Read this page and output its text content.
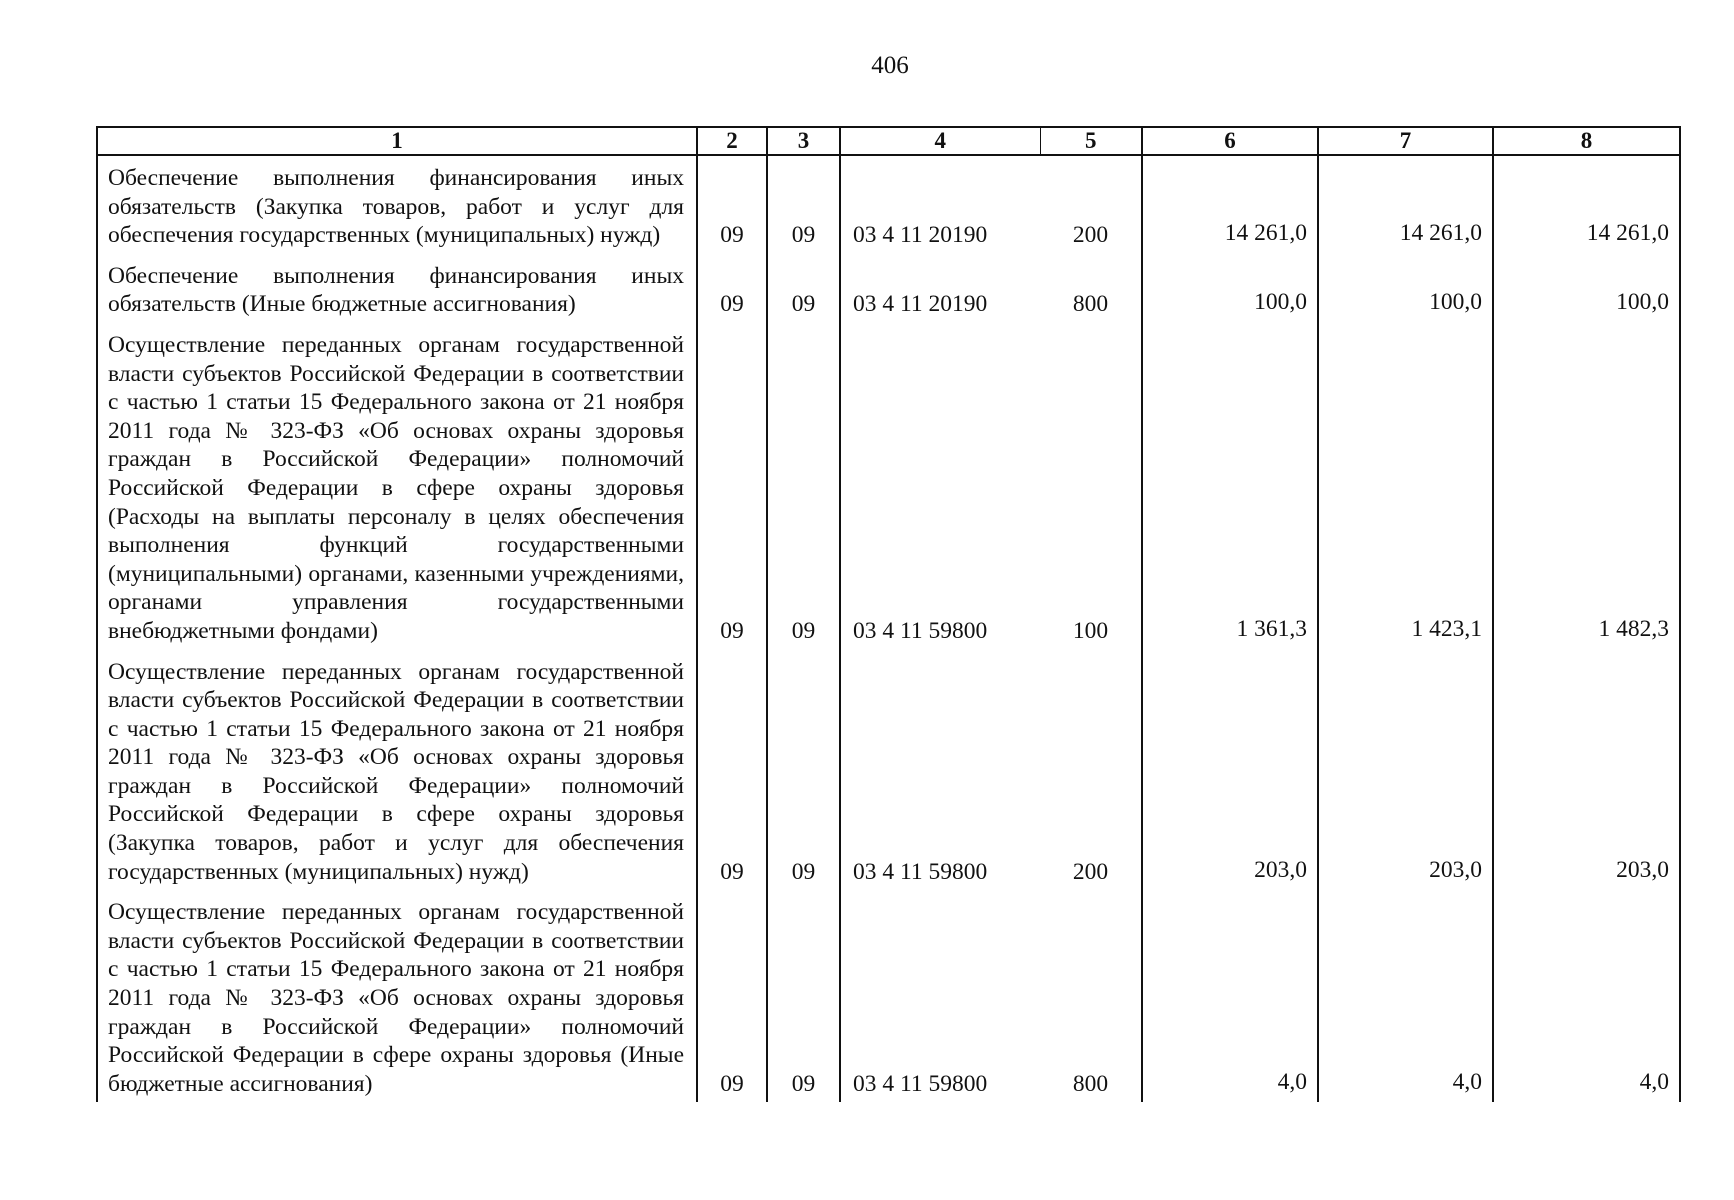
406
1	2	3	4	5	6	7	8
Обеспечение выполнения финансирования иных обязательств (Закупка товаров, работ и услуг для обеспечения государственных (муниципальных) нужд)	09	09	03 4 11 20190	200	14 261,0	14 261,0	14 261,0
Обеспечение выполнения финансирования иных обязательств (Иные бюджетные ассигнования)	09	09	03 4 11 20190	800	100,0	100,0	100,0
Осуществление переданных органам государственной власти субъектов Российской Федерации в соответствии с частью 1 статьи 15 Федерального закона от 21 ноября 2011 года № 323-ФЗ «Об основах охраны здоровья граждан в Российской Федерации» полномочий Российской Федерации в сфере охраны здоровья (Расходы на выплаты персоналу в целях обеспечения выполнения функций государственными (муниципальными) органами, казенными учреждениями, органами управления государственными внебюджетными фондами)	09	09	03 4 11 59800	100	1 361,3	1 423,1	1 482,3
Осуществление переданных органам государственной власти субъектов Российской Федерации в соответствии с частью 1 статьи 15 Федерального закона от 21 ноября 2011 года № 323-ФЗ «Об основах охраны здоровья граждан в Российской Федерации» полномочий Российской Федерации в сфере охраны здоровья (Закупка товаров, работ и услуг для обеспечения государственных (муниципальных) нужд)	09	09	03 4 11 59800	200	203,0	203,0	203,0
Осуществление переданных органам государственной власти субъектов Российской Федерации в соответствии с частью 1 статьи 15 Федерального закона от 21 ноября 2011 года № 323-ФЗ «Об основах охраны здоровья граждан в Российской Федерации» полномочий Российской Федерации в сфере охраны здоровья (Иные бюджетные ассигнования)	09	09	03 4 11 59800	800	4,0	4,0	4,0
